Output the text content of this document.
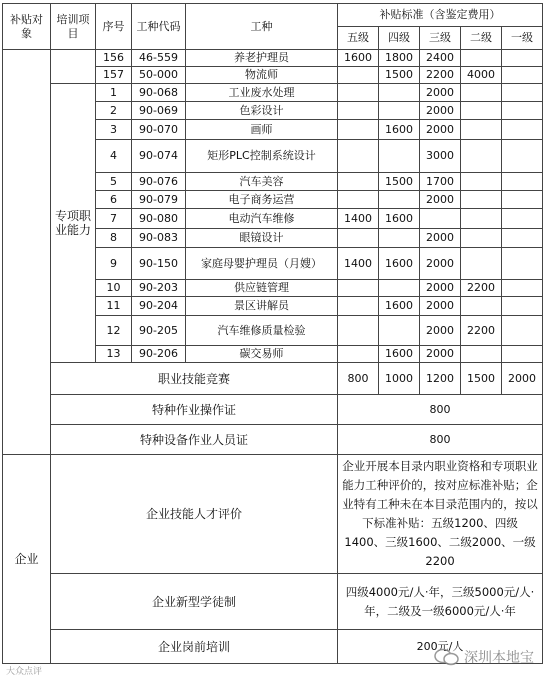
补贴对象	培训项目	序号	工种代码	工种	补贴标准（含鉴定费用）				
					五级	四级	三级	二级	一级
		156	46-559	养老护理员	1600	1800	2400		
		157	50-000	物流师		1500	2200	4000	
	专项职业能力	1	90-068	工业废水处理			2000		
		2	90-069	色彩设计			2000		
		3	90-070	画师		1600	2000		
		4	90-074	矩形PLC控制系统设计			3000		
		5	90-076	汽车美容		1500	1700		
		6	90-079	电子商务运营			2000		
		7	90-080	电动汽车维修	1400	1600			
		8	90-083	眼镜设计			2000		
		9	90-150	家庭母婴护理员（月嫂）	1400	1600	2000		
		10	90-203	供应链管理			2000	2200	
		11	90-204	景区讲解员		1600	2000		
		12	90-205	汽车维修质量检验			2000	2200	
		13	90-206	碳交易师		1600	2000		
	职业技能竞赛				800	1000	1200	1500	2000
	特种作业操作证				800				
	特种设备作业人员证				800				
企业	企业技能人才评价				企业开展本目录内职业资格和专项职业能力工种评价的，按对应标准补贴；企业特有工种未在本目录范围内的，按以下标准补贴：五级1200、四级1400、三级1600、二级2000、一级2200				
	企业新型学徒制				四级4000元/人·年，三级5000元/人·年，二级及一级6000元/人·年				
	企业岗前培训				200元/人				
大众点评
深圳本地宝
